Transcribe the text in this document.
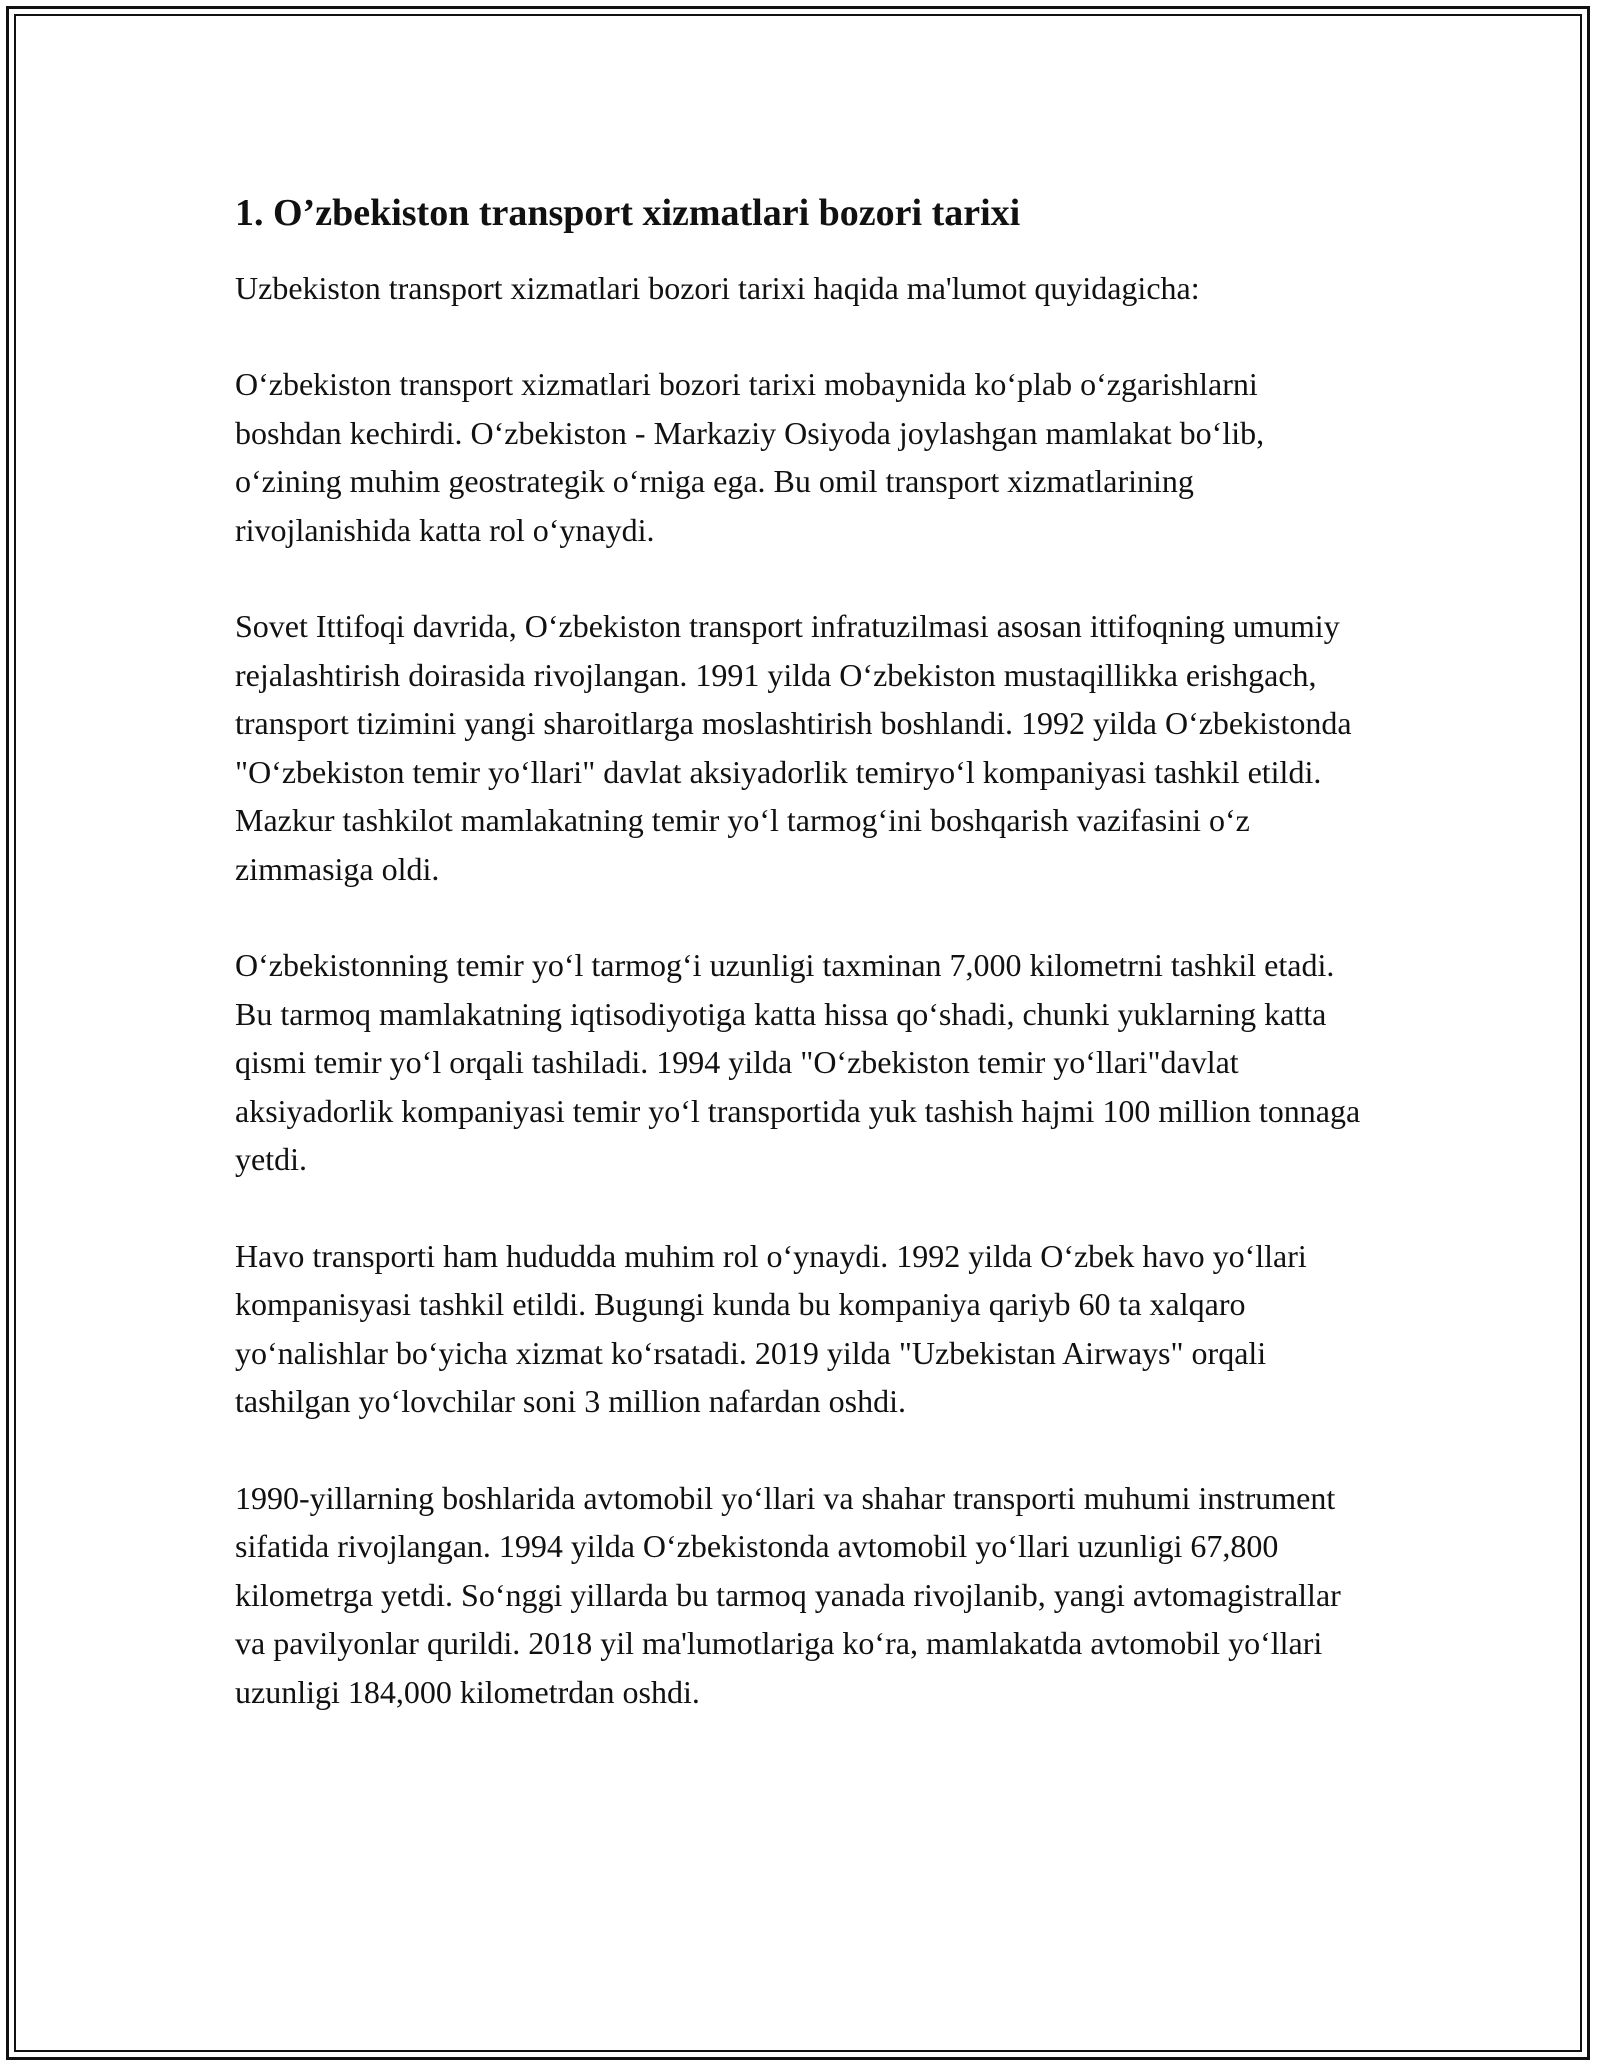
1. O’zbekiston transport xizmatlari bozori tarixi

Uzbekiston transport xizmatlari bozori tarixi haqida ma'lumot quyidagicha:

O‘zbekiston transport xizmatlari bozori tarixi mobaynida ko‘plab o‘zgarishlarni boshdan kechirdi. O‘zbekiston - Markaziy Osiyoda joylashgan mamlakat bo‘lib, o‘zining muhim geostrategik o‘rniga ega. Bu omil transport xizmatlarining rivojlanishida katta rol o‘ynaydi.

Sovet Ittifoqi davrida, O‘zbekiston transport infratuzilmasi asosan ittifoqning umumiy rejalashtirish doirasida rivojlangan. 1991 yilda O‘zbekiston mustaqillikka erishgach, transport tizimini yangi sharoitlarga moslashtirish boshlandi. 1992 yilda O‘zbekistonda "O‘zbekiston temir yo‘llari" davlat aksiyadorlik temiryo‘l kompaniyasi tashkil etildi. Mazkur tashkilot mamlakatning temir yo‘l tarmog‘ini boshqarish vazifasini o‘z zimmasiga oldi.

O‘zbekistonning temir yo‘l tarmog‘i uzunligi taxminan 7,000 kilometrni tashkil etadi. Bu tarmoq mamlakatning iqtisodiyotiga katta hissa qo‘shadi, chunki yuklarning katta qismi temir yo‘l orqali tashiladi. 1994 yilda "O‘zbekiston temir yo‘llari"davlat aksiyadorlik kompaniyasi temir yo‘l transportida yuk tashish hajmi 100 million tonnaga yetdi.

Havo transporti ham hududda muhim rol o‘ynaydi. 1992 yilda O‘zbek havo yo‘llari kompanisyasi tashkil etildi. Bugungi kunda bu kompaniya qariyb 60 ta xalqaro yo‘nalishlar bo‘yicha xizmat ko‘rsatadi. 2019 yilda "Uzbekistan Airways" orqali tashilgan yo‘lovchilar soni 3 million nafardan oshdi.

1990-yillarning boshlarida avtomobil yo‘llari va shahar transporti muhumi instrument sifatida rivojlangan. 1994 yilda O‘zbekistonda avtomobil yo‘llari uzunligi 67,800 kilometrga yetdi. So‘nggi yillarda bu tarmoq yanada rivojlanib, yangi avtomagistrallar va pavilyonlar qurildi. 2018 yil ma'lumotlariga ko‘ra, mamlakatda avtomobil yo‘llari uzunligi 184,000 kilometrdan oshdi.
